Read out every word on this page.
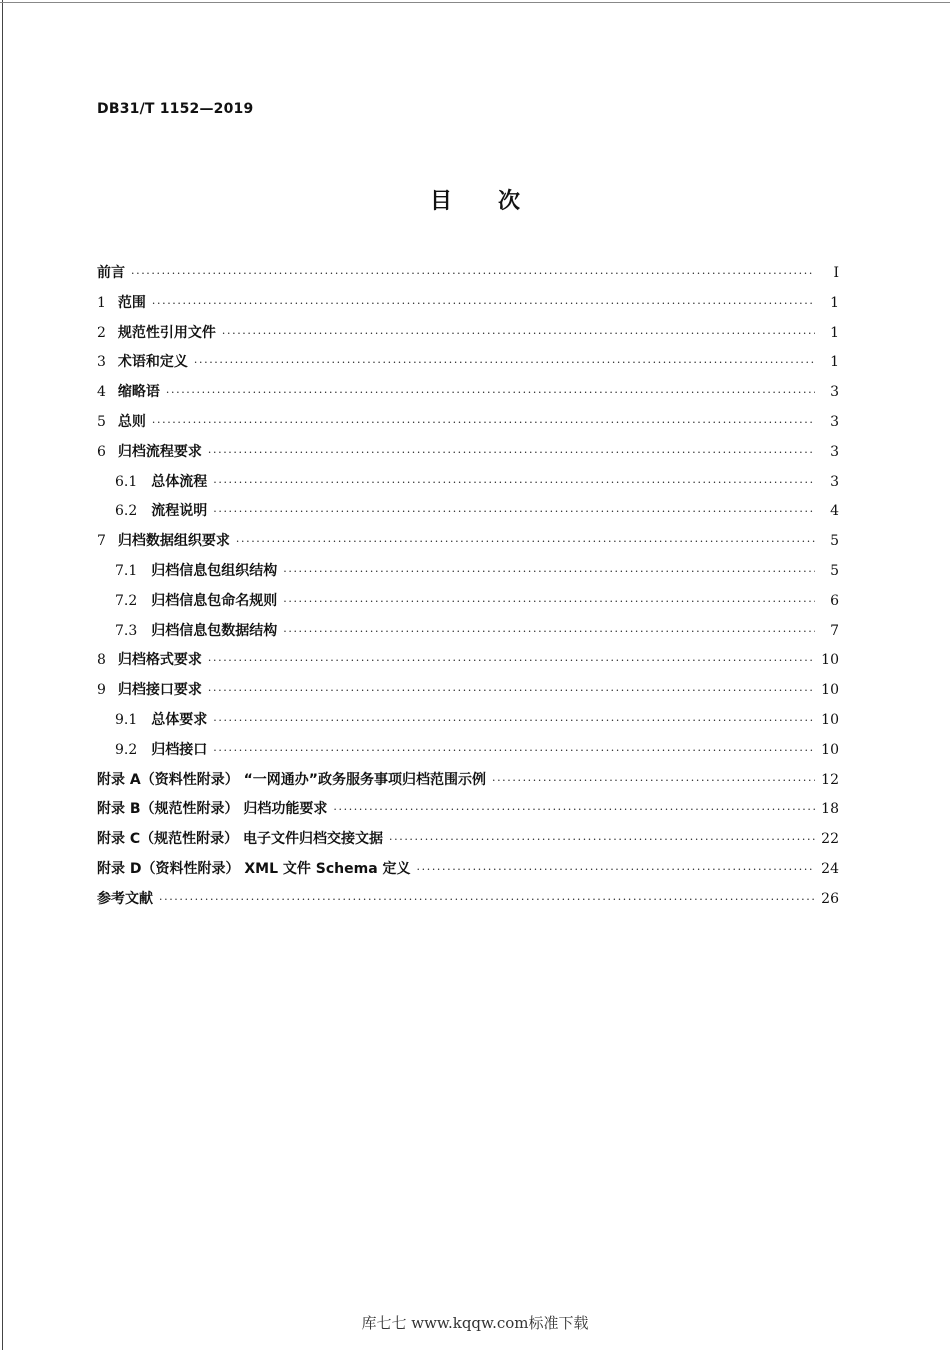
DB31/T 1152—2019
目次
前言 ·····	I
1 范围 ·····	1
2 规范性引用文件 ·····	1
3 术语和定义 ·····	1
4 缩略语 ·····	3
5 总则 ·····	3
6 归档流程要求 ·····	3
6.1 总体流程 ·····	3
6.2 流程说明 ·····	4
7 归档数据组织要求 ·····	5
7.1 归档信息包组织结构 ·····	5
7.2 归档信息包命名规则 ·····	6
7.3 归档信息包数据结构 ·····	7
8 归档格式要求 ·····	10
9 归档接口要求 ·····	10
9.1 总体要求 ·····	10
9.2 归档接口 ·····	10
附录 A（资料性附录） “一网通办”政务服务事项归档范围示例 ·····	12
附录 B（规范性附录） 归档功能要求 ·····	18
附录 C（规范性附录） 电子文件归档交接文据 ·····	22
附录 D（资料性附录） XML 文件 Schema 定义 ·····	24
参考文献 ·····	26
库七七 www.kqqw.com标准下载
